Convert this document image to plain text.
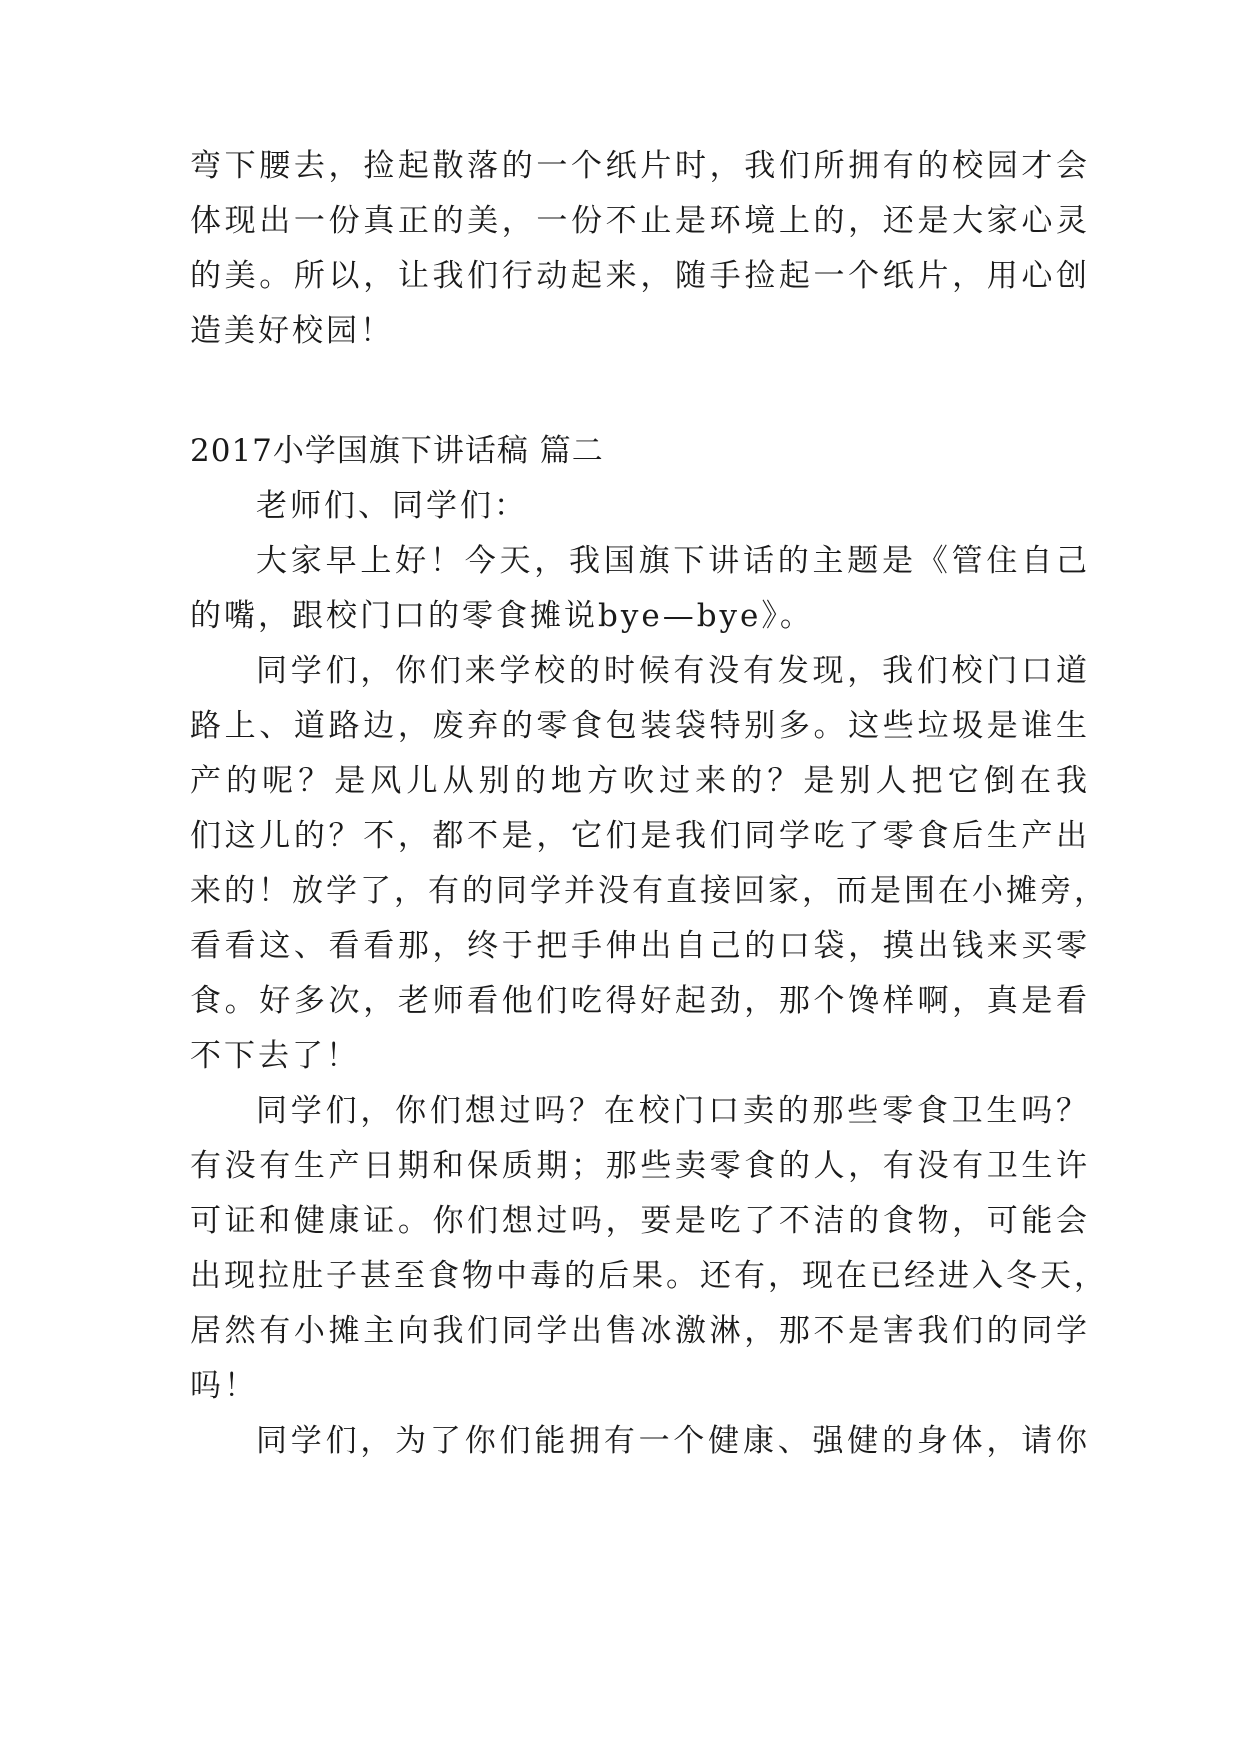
弯下腰去，捡起散落的一个纸片时，我们所拥有的校园才会
体现出一份真正的美，一份不止是环境上的，还是大家心灵
的美。所以，让我们行动起来，随手捡起一个纸片，用心创
造美好校园！
2017小学国旗下讲话稿 篇二
老师们、同学们：
大家早上好！今天，我国旗下讲话的主题是《管住自己
的嘴，跟校门口的零食摊说bye—bye》。
同学们，你们来学校的时候有没有发现，我们校门口道
路上、道路边，废弃的零食包装袋特别多。这些垃圾是谁生
产的呢？是风儿从别的地方吹过来的？是别人把它倒在我
们这儿的？不，都不是，它们是我们同学吃了零食后生产出
来的！放学了，有的同学并没有直接回家，而是围在小摊旁，
看看这、看看那，终于把手伸出自己的口袋，摸出钱来买零
食。好多次，老师看他们吃得好起劲，那个馋样啊，真是看
不下去了！
同学们，你们想过吗？在校门口卖的那些零食卫生吗？
有没有生产日期和保质期；那些卖零食的人，有没有卫生许
可证和健康证。你们想过吗，要是吃了不洁的食物，可能会
出现拉肚子甚至食物中毒的后果。还有，现在已经进入冬天，
居然有小摊主向我们同学出售冰激淋，那不是害我们的同学
吗！
同学们，为了你们能拥有一个健康、强健的身体，请你
